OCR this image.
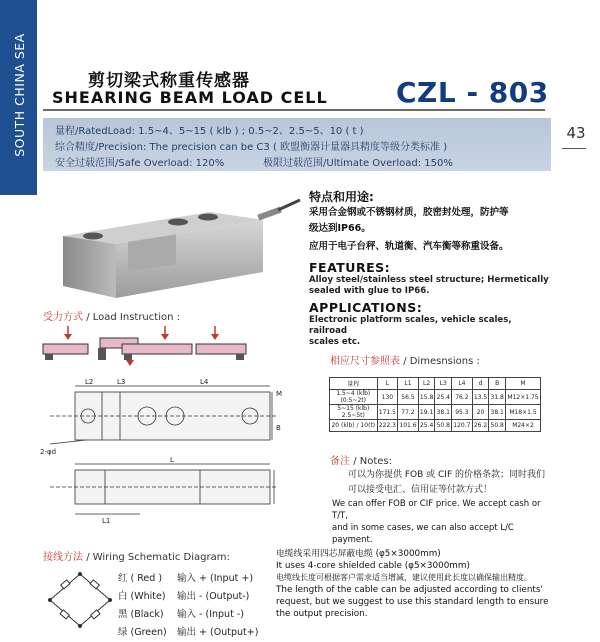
SOUTH CHINA SEA	剪切梁式称重传感器
SHEARING BEAM LOAD CELL CZL - 803
量程/RatedLoad: 1.5~4、5~15 ( klb ) ; 0.5~2、2.5~5、10 ( t )
综合精度/Precision: The precision can be C3 ( 欧盟衡器计量器具精度等级分类标准 )
安全过载范围/Safe Overload: 120%	极限过载范围/Ultimate Overload: 150%
43
特点和用途:
采用合金钢或不锈钢材质，胶密封处理，防护等
级达到IP66。
应用于电子台秤、轨道衡、汽车衡等称重设备。
FEATURES:
Alloy steel/stainless steel structure; Hermetically
sealed with glue to IP66.
APPLICATIONS:
Electronic platform scales, vehicle scales, railroad
scales etc.
受力方式 / Load Instruction :
L2	L3	L4
M
B
L
L1
2-φd
相应尺寸参照表 / Dimesnsions :
量程	L	L1	L2	L3	L4	d	B	M
1.5~4 (klb)
(0.5~2t)	130	56.5	15.8	25.4	76.2	13.5	31.8	M12×1.75
5~15 (klb)
2.5~5t)	171.5	77.2	19.1	38.1	95.3	20	38.1	M18×1.5
20 (klb) / 10(t)	222.3	101.6	25.4	50.8	120.7	26.2	50.8	M24×2
备注 / Notes:
可以为你提供 FOB 或 CIF 的价格条款；同时我们
可以接受电汇、信用证等付款方式！
We can offer FOB or CIF price. We accept cash or T/T,
and in some cases, we can also accept L/C payment.
接线方法 / Wiring Schematic Diagram:
红 ( Red ) 输入 + (Input +)
白 (White) 输出 - (Output-)
黑 (Black) 输入 - (Input -)
绿 (Green) 输出 + (Output+)
电缆线采用四芯屏蔽电缆 (φ5×3000mm)
It uses 4-core shielded cable (φ5×3000mm)
电缆线长度可根据客户需求适当增减，建议使用此长度以确保输出精度。
The length of the cable can be adjusted according to clients'
request, but we suggest to use this standard length to ensure
the output precision.
